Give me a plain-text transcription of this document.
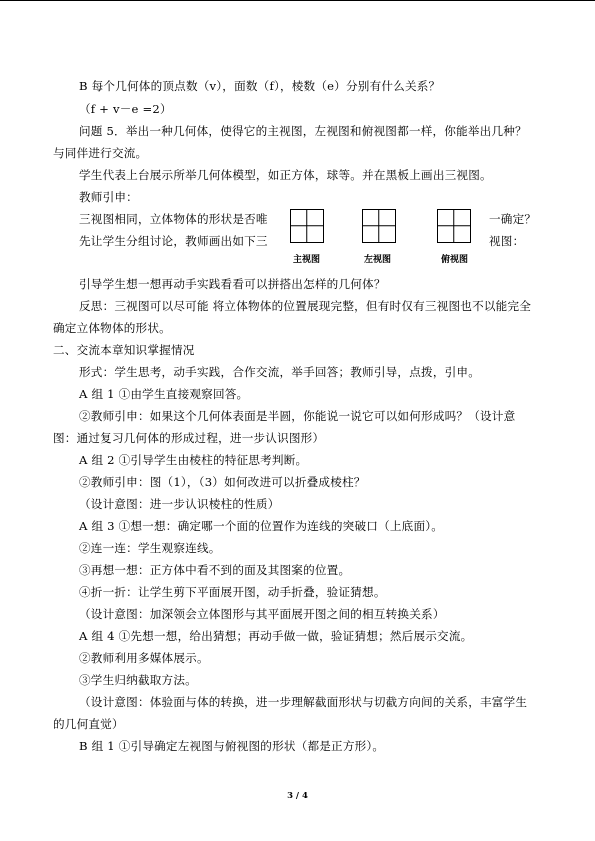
B 每个几何体的顶点数（v），面数（f），棱数（e）分别有什么关系？
（f + v－e =2）
问题 5．举出一种几何体，使得它的主视图，左视图和俯视图都一样，你能举出几种？
与同伴进行交流。
学生代表上台展示所举几何体模型，如正方体，球等。并在黑板上画出三视图。
教师引申：
三视图相同，立体物体的形状是否唯	一确定？
先让学生分组讨论，教师画出如下三	视图：
主视图	左视图	俯视图
引导学生想一想再动手实践看看可以拼搭出怎样的几何体？
反思：三视图可以尽可能 将立体物体的位置展现完整，但有时仅有三视图也不以能完全
确定立体物体的形状。
二、交流本章知识掌握情况
形式：学生思考，动手实践，合作交流，举手回答；教师引导，点拨，引申。
A 组 1 ①由学生直接观察回答。
②教师引申：如果这个几何体表面是半圆，你能说一说它可以如何形成吗？（设计意
图：通过复习几何体的形成过程，进一步认识图形）
A 组 2 ①引导学生由棱柱的特征思考判断。
②教师引申：图（1），（3）如何改进可以折叠成棱柱？
（设计意图：进一步认识棱柱的性质）
A 组 3 ①想一想：确定哪一个面的位置作为连线的突破口（上底面）。
②连一连：学生观察连线。
③再想一想：正方体中看不到的面及其图案的位置。
④折一折：让学生剪下平面展开图，动手折叠，验证猜想。
（设计意图：加深领会立体图形与其平面展开图之间的相互转换关系）
A 组 4 ①先想一想，给出猜想；再动手做一做，验证猜想；然后展示交流。
②教师利用多媒体展示。
③学生归纳截取方法。
（设计意图：体验面与体的转换，进一步理解截面形状与切截方向间的关系，丰富学生
的几何直觉）
B 组 1 ①引导确定左视图与俯视图的形状（都是正方形）。
3 / 4
